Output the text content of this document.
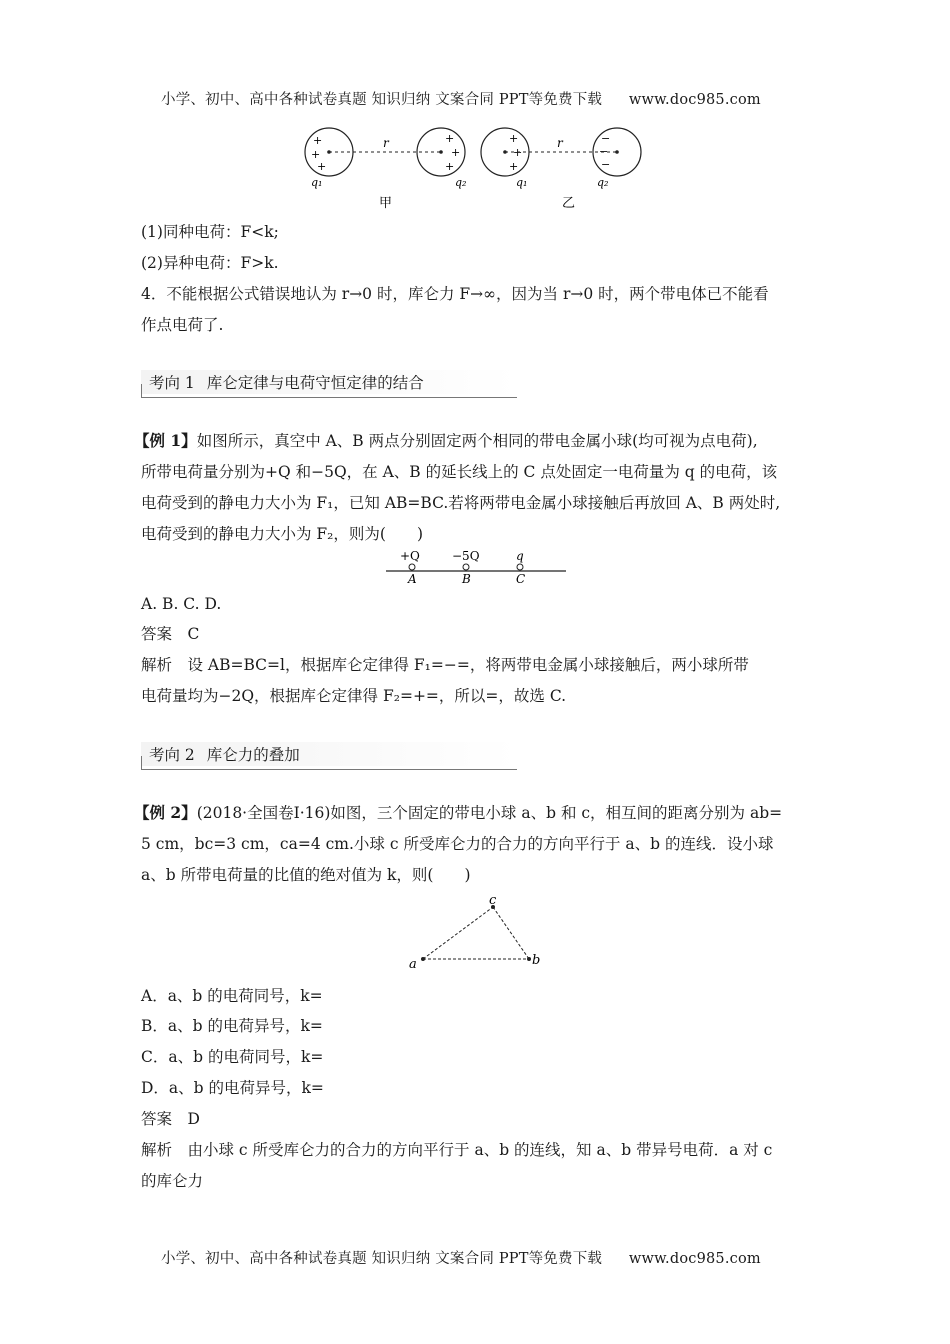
小学、初中、高中各种试卷真题 知识归纳 文案合同 PPT等免费下载 www.doc985.com
+
+
+
r	+
+
+
q₁	q₂
甲
+
+
+
r	−
−
−
q₁	q₂
乙
(1)同种电荷：F<k;
(2)异种电荷：F>k.
4．不能根据公式错误地认为 r→0 时，库仑力 F→∞，因为当 r→0 时，两个带电体已不能看
作点电荷了.
考向 1 库仑定律与电荷守恒定律的结合
【例 1】如图所示，真空中 A、B 两点分别固定两个相同的带电金属小球(均可视为点电荷),
所带电荷量分别为+Q 和−5Q，在 A、B 的延长线上的 C 点处固定一电荷量为 q 的电荷，该
电荷受到的静电力大小为 F₁，已知 AB=BC.若将两带电金属小球接触后再放回 A、B 两处时,
电荷受到的静电力大小为 F₂，则为(　　)
+Q	−5Q	q
A	B	C
A. B. C. D.
答案　C
解析　设 AB=BC=l，根据库仑定律得 F₁=−=，将两带电金属小球接触后，两小球所带
电荷量均为−2Q，根据库仑定律得 F₂=+=，所以=，故选 C.
考向 2 库仑力的叠加
【例 2】(2018·全国卷Ⅰ·16)如图，三个固定的带电小球 a、b 和 c，相互间的距离分别为 ab=
5 cm，bc=3 cm，ca=4 cm.小球 c 所受库仑力的合力的方向平行于 a、b 的连线．设小球
a、b 所带电荷量的比值的绝对值为 k，则(　　)
a	b
c
A．a、b 的电荷同号，k=
B．a、b 的电荷异号，k=
C．a、b 的电荷同号，k=
D．a、b 的电荷异号，k=
答案　D
解析　由小球 c 所受库仑力的合力的方向平行于 a、b 的连线，知 a、b 带异号电荷．a 对 c
的库仑力
小学、初中、高中各种试卷真题 知识归纳 文案合同 PPT等免费下载 www.doc985.com
